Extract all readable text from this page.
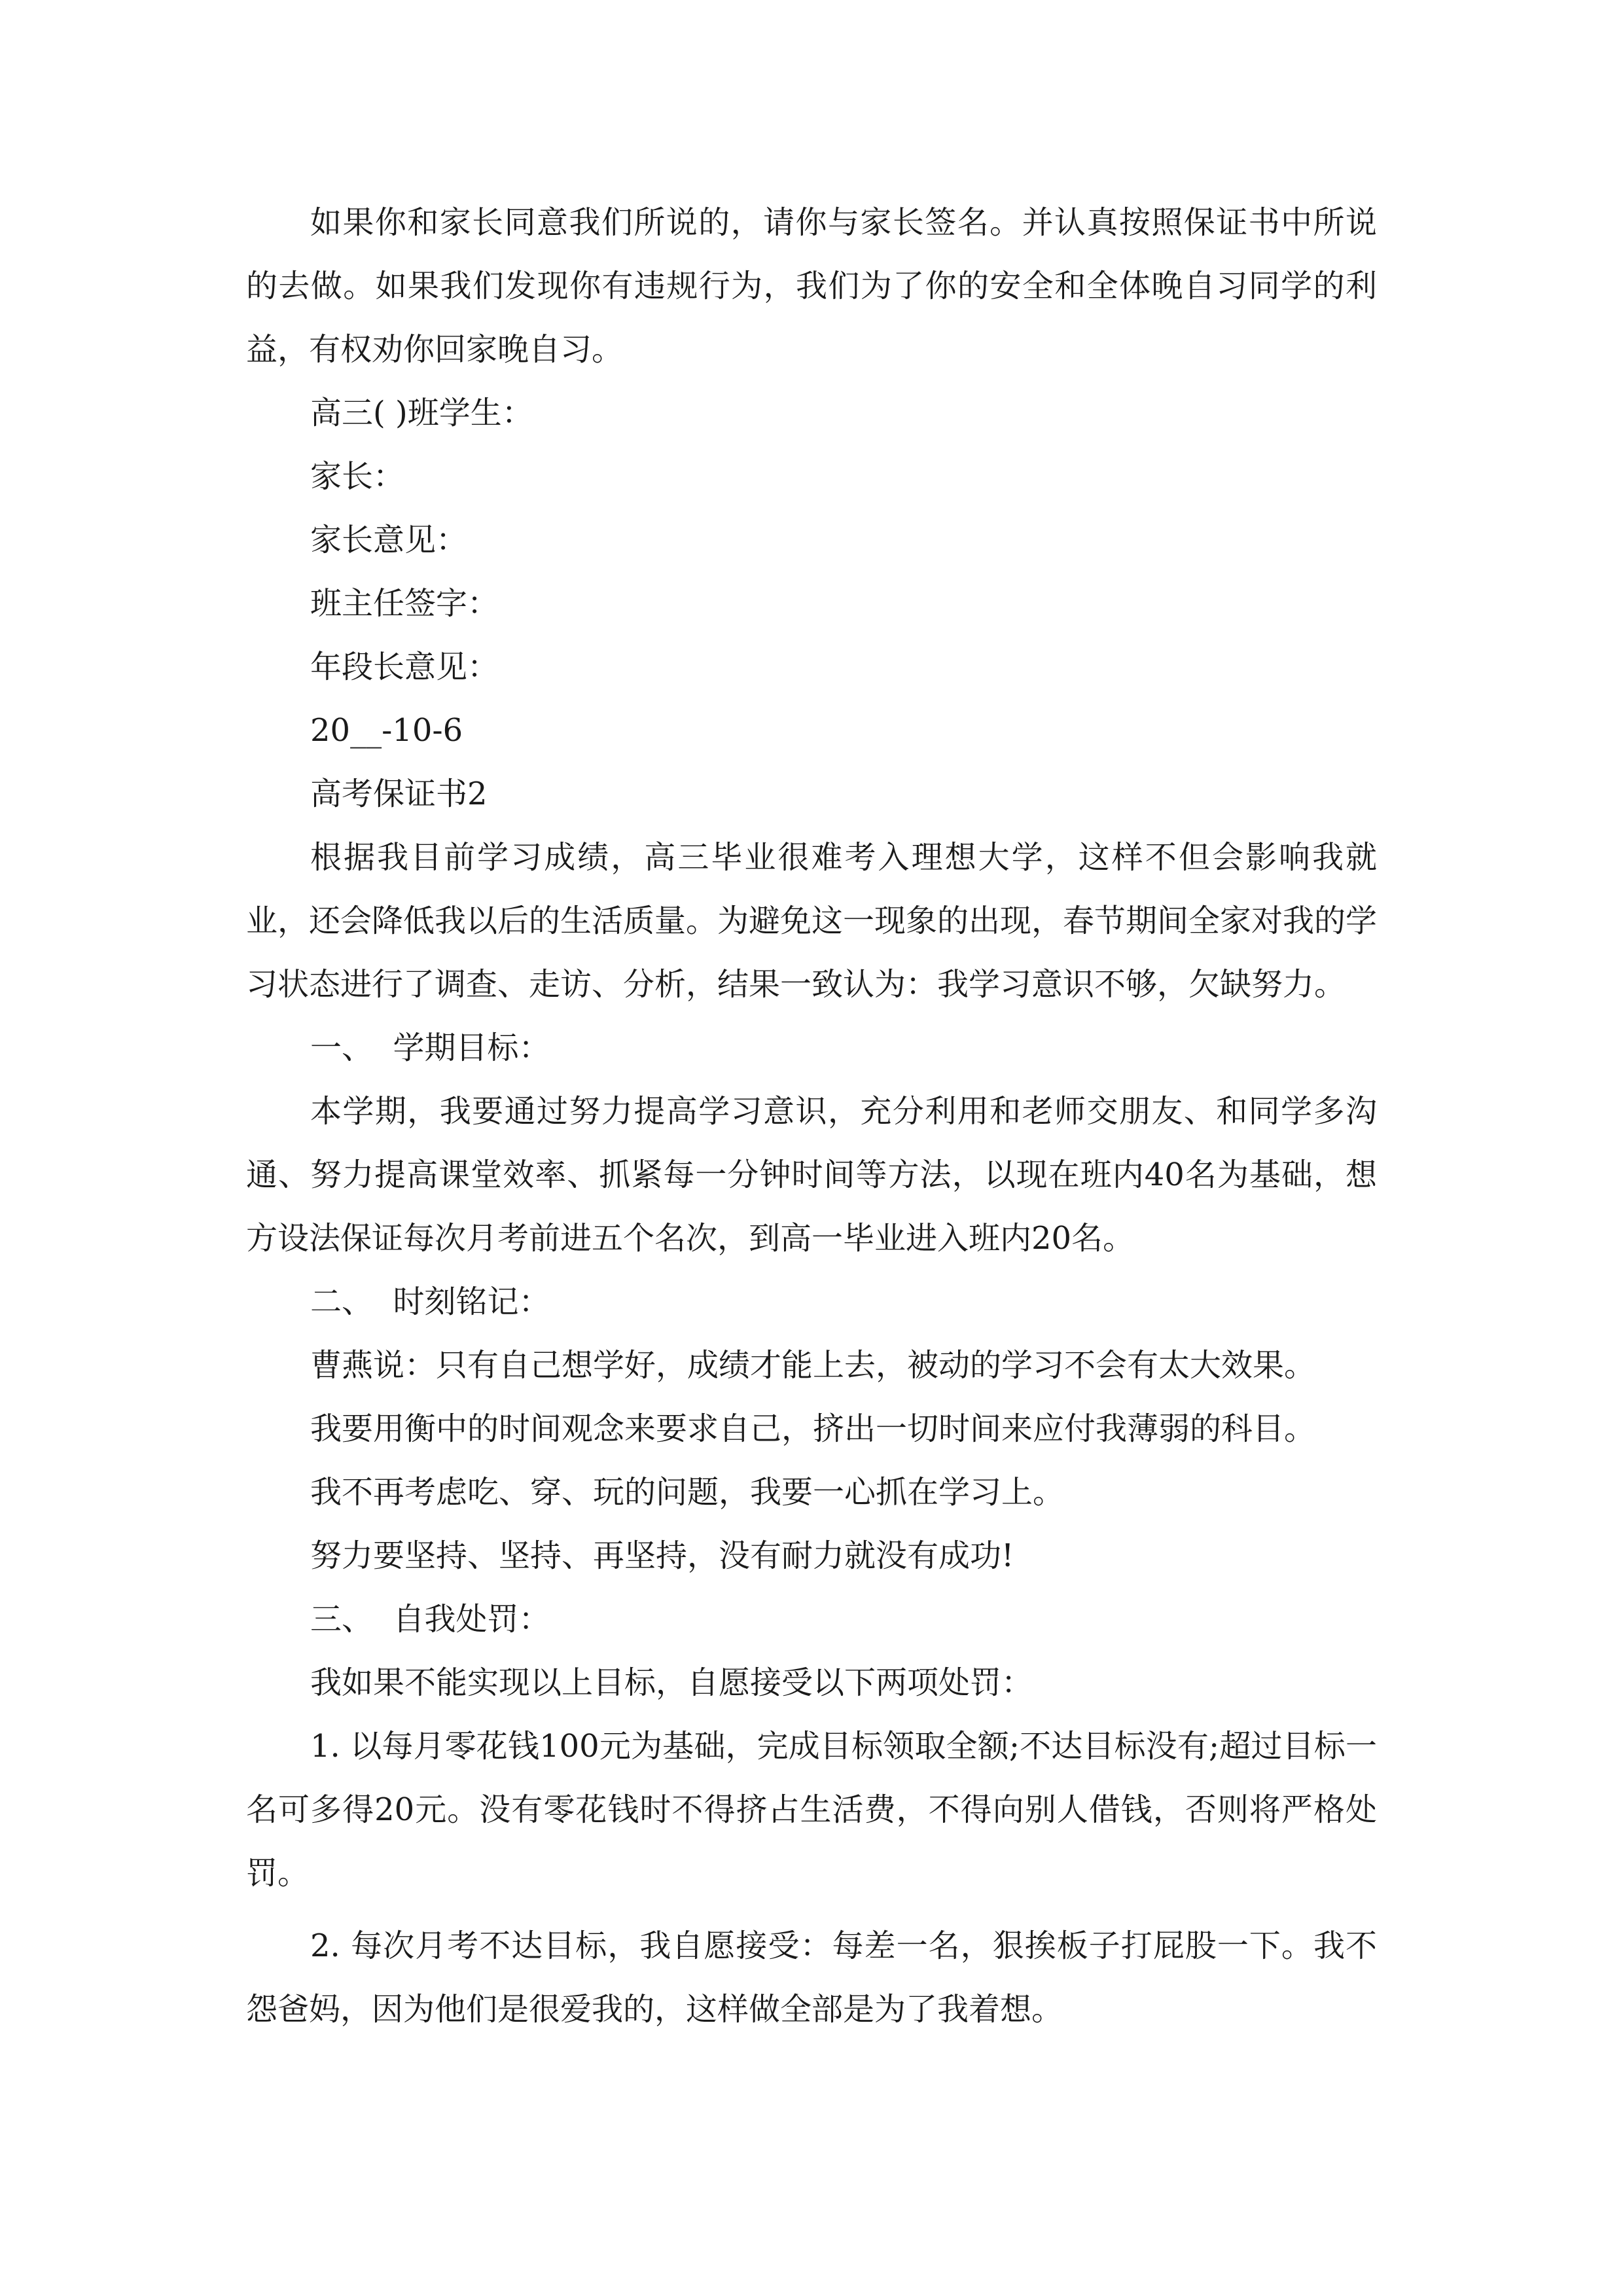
如果你和家长同意我们所说的，请你与家长签名。并认真按照保证书中所说的去做。如果我们发现你有违规行为，我们为了你的安全和全体晚自习同学的利益，有权劝你回家晚自习。

高三( )班学生：

家长：

家长意见：

班主任签字：

年段长意见：

20__-10-6

高考保证书2

根据我目前学习成绩，高三毕业很难考入理想大学，这样不但会影响我就业，还会降低我以后的生活质量。为避免这一现象的出现，春节期间全家对我的学习状态进行了调查、走访、分析，结果一致认为：我学习意识不够，欠缺努力。

一、  学期目标：

本学期，我要通过努力提高学习意识，充分利用和老师交朋友、和同学多沟通、努力提高课堂效率、抓紧每一分钟时间等方法，以现在班内40名为基础，想方设法保证每次月考前进五个名次，到高一毕业进入班内20名。

二、  时刻铭记：

曹燕说：只有自己想学好，成绩才能上去，被动的学习不会有太大效果。

我要用衡中的时间观念来要求自己，挤出一切时间来应付我薄弱的科目。

我不再考虑吃、穿、玩的问题，我要一心抓在学习上。

努力要坚持、坚持、再坚持，没有耐力就没有成功!

三、  自我处罚：

我如果不能实现以上目标，自愿接受以下两项处罚：

1. 以每月零花钱100元为基础，完成目标领取全额;不达目标没有;超过目标一名可多得20元。没有零花钱时不得挤占生活费，不得向别人借钱，否则将严格处罚。

2. 每次月考不达目标，我自愿接受：每差一名，狠挨板子打屁股一下。我不怨爸妈，因为他们是很爱我的，这样做全部是为了我着想。
